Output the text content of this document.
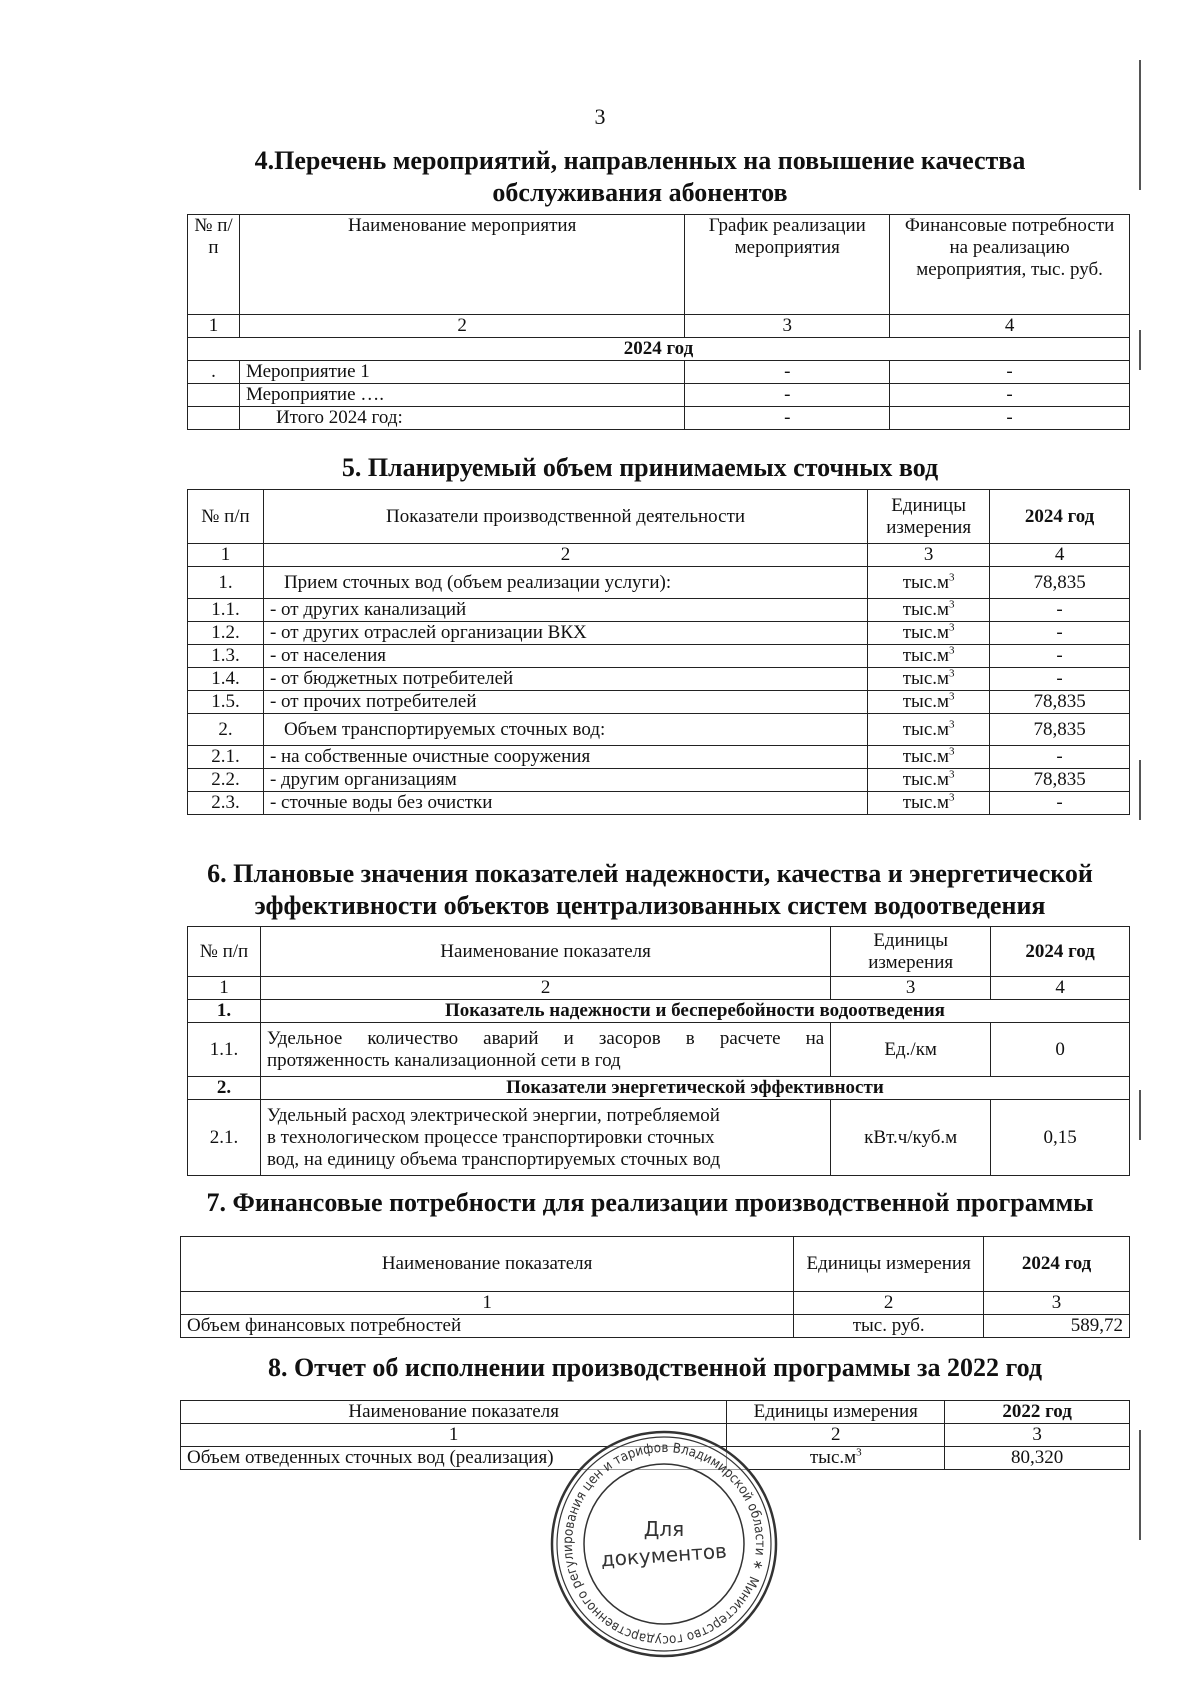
3
4.Перечень мероприятий, направленных на повышение качества
обслуживания абонентов
№ п/п	Наименование мероприятия	График реализации мероприятия	Финансовые потребности на реализацию мероприятия, тыс. руб.
1	2	3	4
2024 год			
.	Мероприятие 1	-	-
	Мероприятие ….	-	-
	Итого 2024 год:	-	-
5. Планируемый объем принимаемых сточных вод
№ п/п	Показатели производственной деятельности	Единицы измерения	2024 год
1	2	3	4
1.	Прием сточных вод (объем реализации услуги):	$тыс.м^3$	78,835
1.1.	- от других канализаций	$тыс.м^3$	-
1.2.	- от других отраслей организации ВКХ	$тыс.м^3$	-
1.3.	- от населения	$тыс.м^3$	-
1.4.	- от бюджетных потребителей	$тыс.м^3$	-
1.5.	- от прочих потребителей	$тыс.м^3$	78,835
2.	Объем транспортируемых сточных вод:	$тыс.м^3$	78,835
2.1.	- на собственные очистные сооружения	$тыс.м^3$	-
2.2.	- другим организациям	$тыс.м^3$	78,835
2.3.	- сточные воды без очистки	$тыс.м^3$	-
6. Плановые значения показателей надежности, качества и энергетической
эффективности объектов централизованных систем водоотведения
№ п/п	Наименование показателя	Единицы измерения	2024 год
1	2	3	4
1.	Показатель надежности и бесперебойности водоотведения		
1.1.	Удельное количество аварий и засоров в расчете на
протяженность канализационной сети в год	Ед./км	0
2.	Показатели энергетической эффективности		
2.1.	Удельный расход электрической энергии, потребляемой
в технологическом процессе транспортировки сточных
вод, на единицу объема транспортируемых сточных вод	кВт.ч/куб.м	0,15
7. Финансовые потребности для реализации производственной программы
Наименование показателя	Единицы измерения	2024 год
1	2	3
Объем финансовых потребностей	тыс. руб.	589,72
8. Отчет об исполнении производственной программы за 2022 год
Наименование показателя	Единицы измерения	2022 год
1	2	3
Объем отведенных сточных вод (реализация)	$тыс.м^3$	80,320
Министерство государственного регулирования цен и тарифов Владимирской области ∗
Для
документов
